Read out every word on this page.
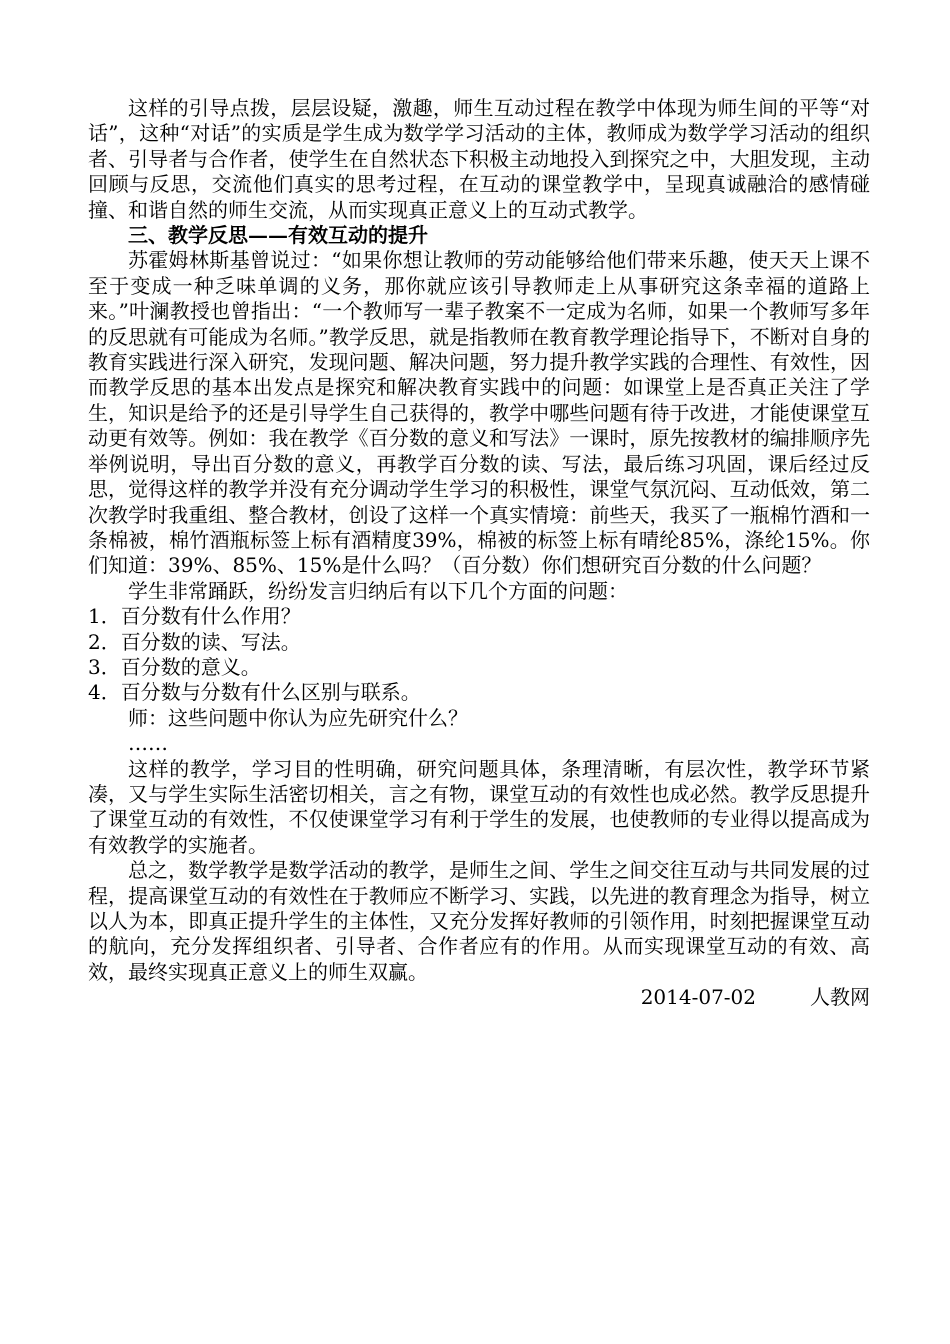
这样的引导点拨，层层设疑，激趣，师生互动过程在教学中体现为师生间的平等“对话”，这种“对话”的实质是学生成为数学学习活动的主体，教师成为数学学习活动的组织者、引导者与合作者，使学生在自然状态下积极主动地投入到探究之中，大胆发现，主动回顾与反思，交流他们真实的思考过程，在互动的课堂教学中，呈现真诚融洽的感情碰撞、和谐自然的师生交流，从而实现真正意义上的互动式教学。

三、教学反思——有效互动的提升

苏霍姆林斯基曾说过：“如果你想让教师的劳动能够给他们带来乐趣，使天天上课不至于变成一种乏味单调的义务，那你就应该引导教师走上从事研究这条幸福的道路上来。”叶澜教授也曾指出：“一个教师写一辈子教案不一定成为名师，如果一个教师写多年的反思就有可能成为名师。”教学反思，就是指教师在教育教学理论指导下，不断对自身的教育实践进行深入研究，发现问题、解决问题，努力提升教学实践的合理性、有效性，因而教学反思的基本出发点是探究和解决教育实践中的问题：如课堂上是否真正关注了学生，知识是给予的还是引导学生自己获得的，教学中哪些问题有待于改进，才能使课堂互动更有效等。例如：我在教学《百分数的意义和写法》一课时，原先按教材的编排顺序先举例说明，导出百分数的意义，再教学百分数的读、写法，最后练习巩固，课后经过反思，觉得这样的教学并没有充分调动学生学习的积极性，课堂气氛沉闷、互动低效，第二次教学时我重组、整合教材，创设了这样一个真实情境：前些天，我买了一瓶棉竹酒和一条棉被，棉竹酒瓶标签上标有酒精度39%，棉被的标签上标有晴纶85%，涤纶15%。你们知道：39%、85%、15%是什么吗？（百分数）你们想研究百分数的什么问题？

学生非常踊跃，纷纷发言归纳后有以下几个方面的问题：

1．百分数有什么作用？

2．百分数的读、写法。

3．百分数的意义。

4．百分数与分数有什么区别与联系。

师：这些问题中你认为应先研究什么？

……

这样的教学，学习目的性明确，研究问题具体，条理清晰，有层次性，教学环节紧凑，又与学生实际生活密切相关，言之有物，课堂互动的有效性也成必然。教学反思提升了课堂互动的有效性，不仅使课堂学习有利于学生的发展，也使教师的专业得以提高成为有效教学的实施者。

总之，数学教学是数学活动的教学，是师生之间、学生之间交往互动与共同发展的过程，提高课堂互动的有效性在于教师应不断学习、实践，以先进的教育理念为指导，树立以人为本，即真正提升学生的主体性，又充分发挥好教师的引领作用，时刻把握课堂互动的航向，充分发挥组织者、引导者、合作者应有的作用。从而实现课堂互动的有效、高效，最终实现真正意义上的师生双赢。

2014-07-02	人教网
